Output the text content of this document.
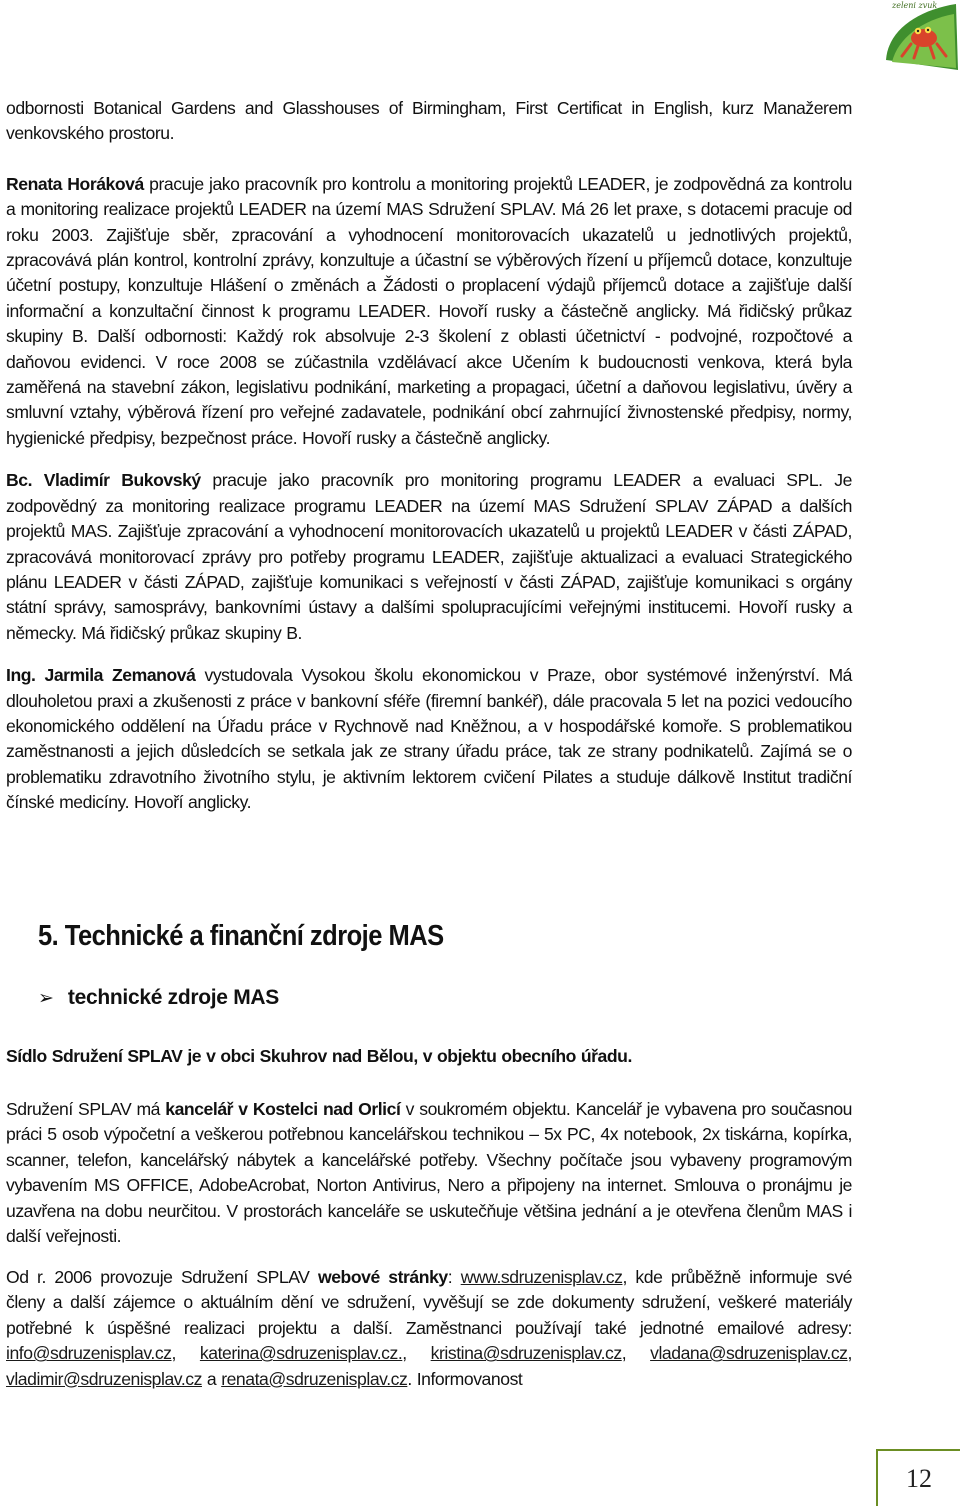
zeleni zvuk

odbornosti Botanical Gardens and Glasshouses of Birmingham, First Certificat in English, kurz Manažerem venkovského prostoru.

Renata Horáková pracuje jako pracovník pro kontrolu a monitoring projektů LEADER, je zodpovědná za kontrolu a monitoring realizace projektů LEADER na území MAS Sdružení SPLAV. Má 26 let praxe, s dotacemi pracuje od roku 2003. Zajišťuje sběr, zpracování a vyhodnocení monitorovacích ukazatelů u jednotlivých projektů, zpracovává plán kontrol, kontrolní zprávy, konzultuje a účastní se výběrových řízení u příjemců dotace, konzultuje účetní postupy, konzultuje Hlášení o změnách a Žádosti o proplacení výdajů příjemců dotace a zajišťuje další informační a konzultační činnost k programu LEADER. Hovoří rusky a částečně anglicky. Má řidičský průkaz skupiny B. Další odbornosti: Každý rok absolvuje 2-3 školení z oblasti účetnictví - podvojné, rozpočtové a daňovou evidenci. V roce 2008 se zúčastnila vzdělávací akce Učením k budoucnosti venkova, která byla zaměřená na stavební zákon, legislativu podnikání, marketing a propagaci, účetní a daňovou legislativu, úvěry a smluvní vztahy, výběrová řízení pro veřejné zadavatele, podnikání obcí zahrnující živnostenské předpisy, normy, hygienické předpisy, bezpečnost práce. Hovoří rusky a částečně anglicky.

Bc. Vladimír Bukovský pracuje jako pracovník pro monitoring programu LEADER a evaluaci SPL. Je zodpovědný za monitoring realizace programu LEADER na území MAS Sdružení SPLAV ZÁPAD a dalších projektů MAS. Zajišťuje zpracování a vyhodnocení monitorovacích ukazatelů u projektů LEADER v části ZÁPAD, zpracovává monitorovací zprávy pro potřeby programu LEADER, zajišťuje aktualizaci a evaluaci Strategického plánu LEADER v části ZÁPAD, zajišťuje komunikaci s veřejností v části ZÁPAD, zajišťuje komunikaci s orgány státní správy, samosprávy, bankovními ústavy a dalšími spolupracujícími veřejnými institucemi. Hovoří rusky a německy. Má řidičský průkaz skupiny B.

Ing. Jarmila Zemanová vystudovala Vysokou školu ekonomickou v Praze, obor systémové inženýrství. Má dlouholetou praxi a zkušenosti z práce v bankovní sféře (firemní bankéř), dále pracovala 5 let na pozici vedoucího ekonomického oddělení na Úřadu práce v Rychnově nad Kněžnou, a v hospodářské komoře. S problematikou zaměstnanosti a jejich důsledcích se setkala jak ze strany úřadu práce, tak ze strany podnikatelů. Zajímá se o problematiku zdravotního životního stylu, je aktivním lektorem cvičení Pilates a studuje dálkově Institut tradiční čínské medicíny. Hovoří anglicky.

5. Technické a finanční zdroje MAS
➢ technické zdroje MAS

Sídlo Sdružení SPLAV je v obci Skuhrov nad Bělou, v objektu obecního úřadu.

Sdružení SPLAV má kancelář v Kostelci nad Orlicí v soukromém objektu. Kancelář je vybavena pro současnou práci 5 osob výpočetní a veškerou potřebnou kancelářskou technikou – 5x PC, 4x notebook, 2x tiskárna, kopírka, scanner, telefon, kancelářský nábytek a kancelářské potřeby. Všechny počítače jsou vybaveny programovým vybavením MS OFFICE, AdobeAcrobat, Norton Antivirus, Nero a připojeny na internet. Smlouva o pronájmu je uzavřena na dobu neurčitou. V prostorách kanceláře se uskutečňuje většina jednání a je otevřena členům MAS i další veřejnosti.

Od r. 2006 provozuje Sdružení SPLAV webové stránky: www.sdruzenisplav.cz, kde průběžně informuje své členy a další zájemce o aktuálním dění ve sdružení, vyvěšují se zde dokumenty sdružení, veškeré materiály potřebné k úspěšné realizaci projektu a další. Zaměstnanci používají také jednotné emailové adresy: info@sdruzenisplav.cz, katerina@sdruzenisplav.cz., kristina@sdruzenisplav.cz, vladana@sdruzenisplav.cz, vladimir@sdruzenisplav.cz a renata@sdruzenisplav.cz. Informovanost

12
